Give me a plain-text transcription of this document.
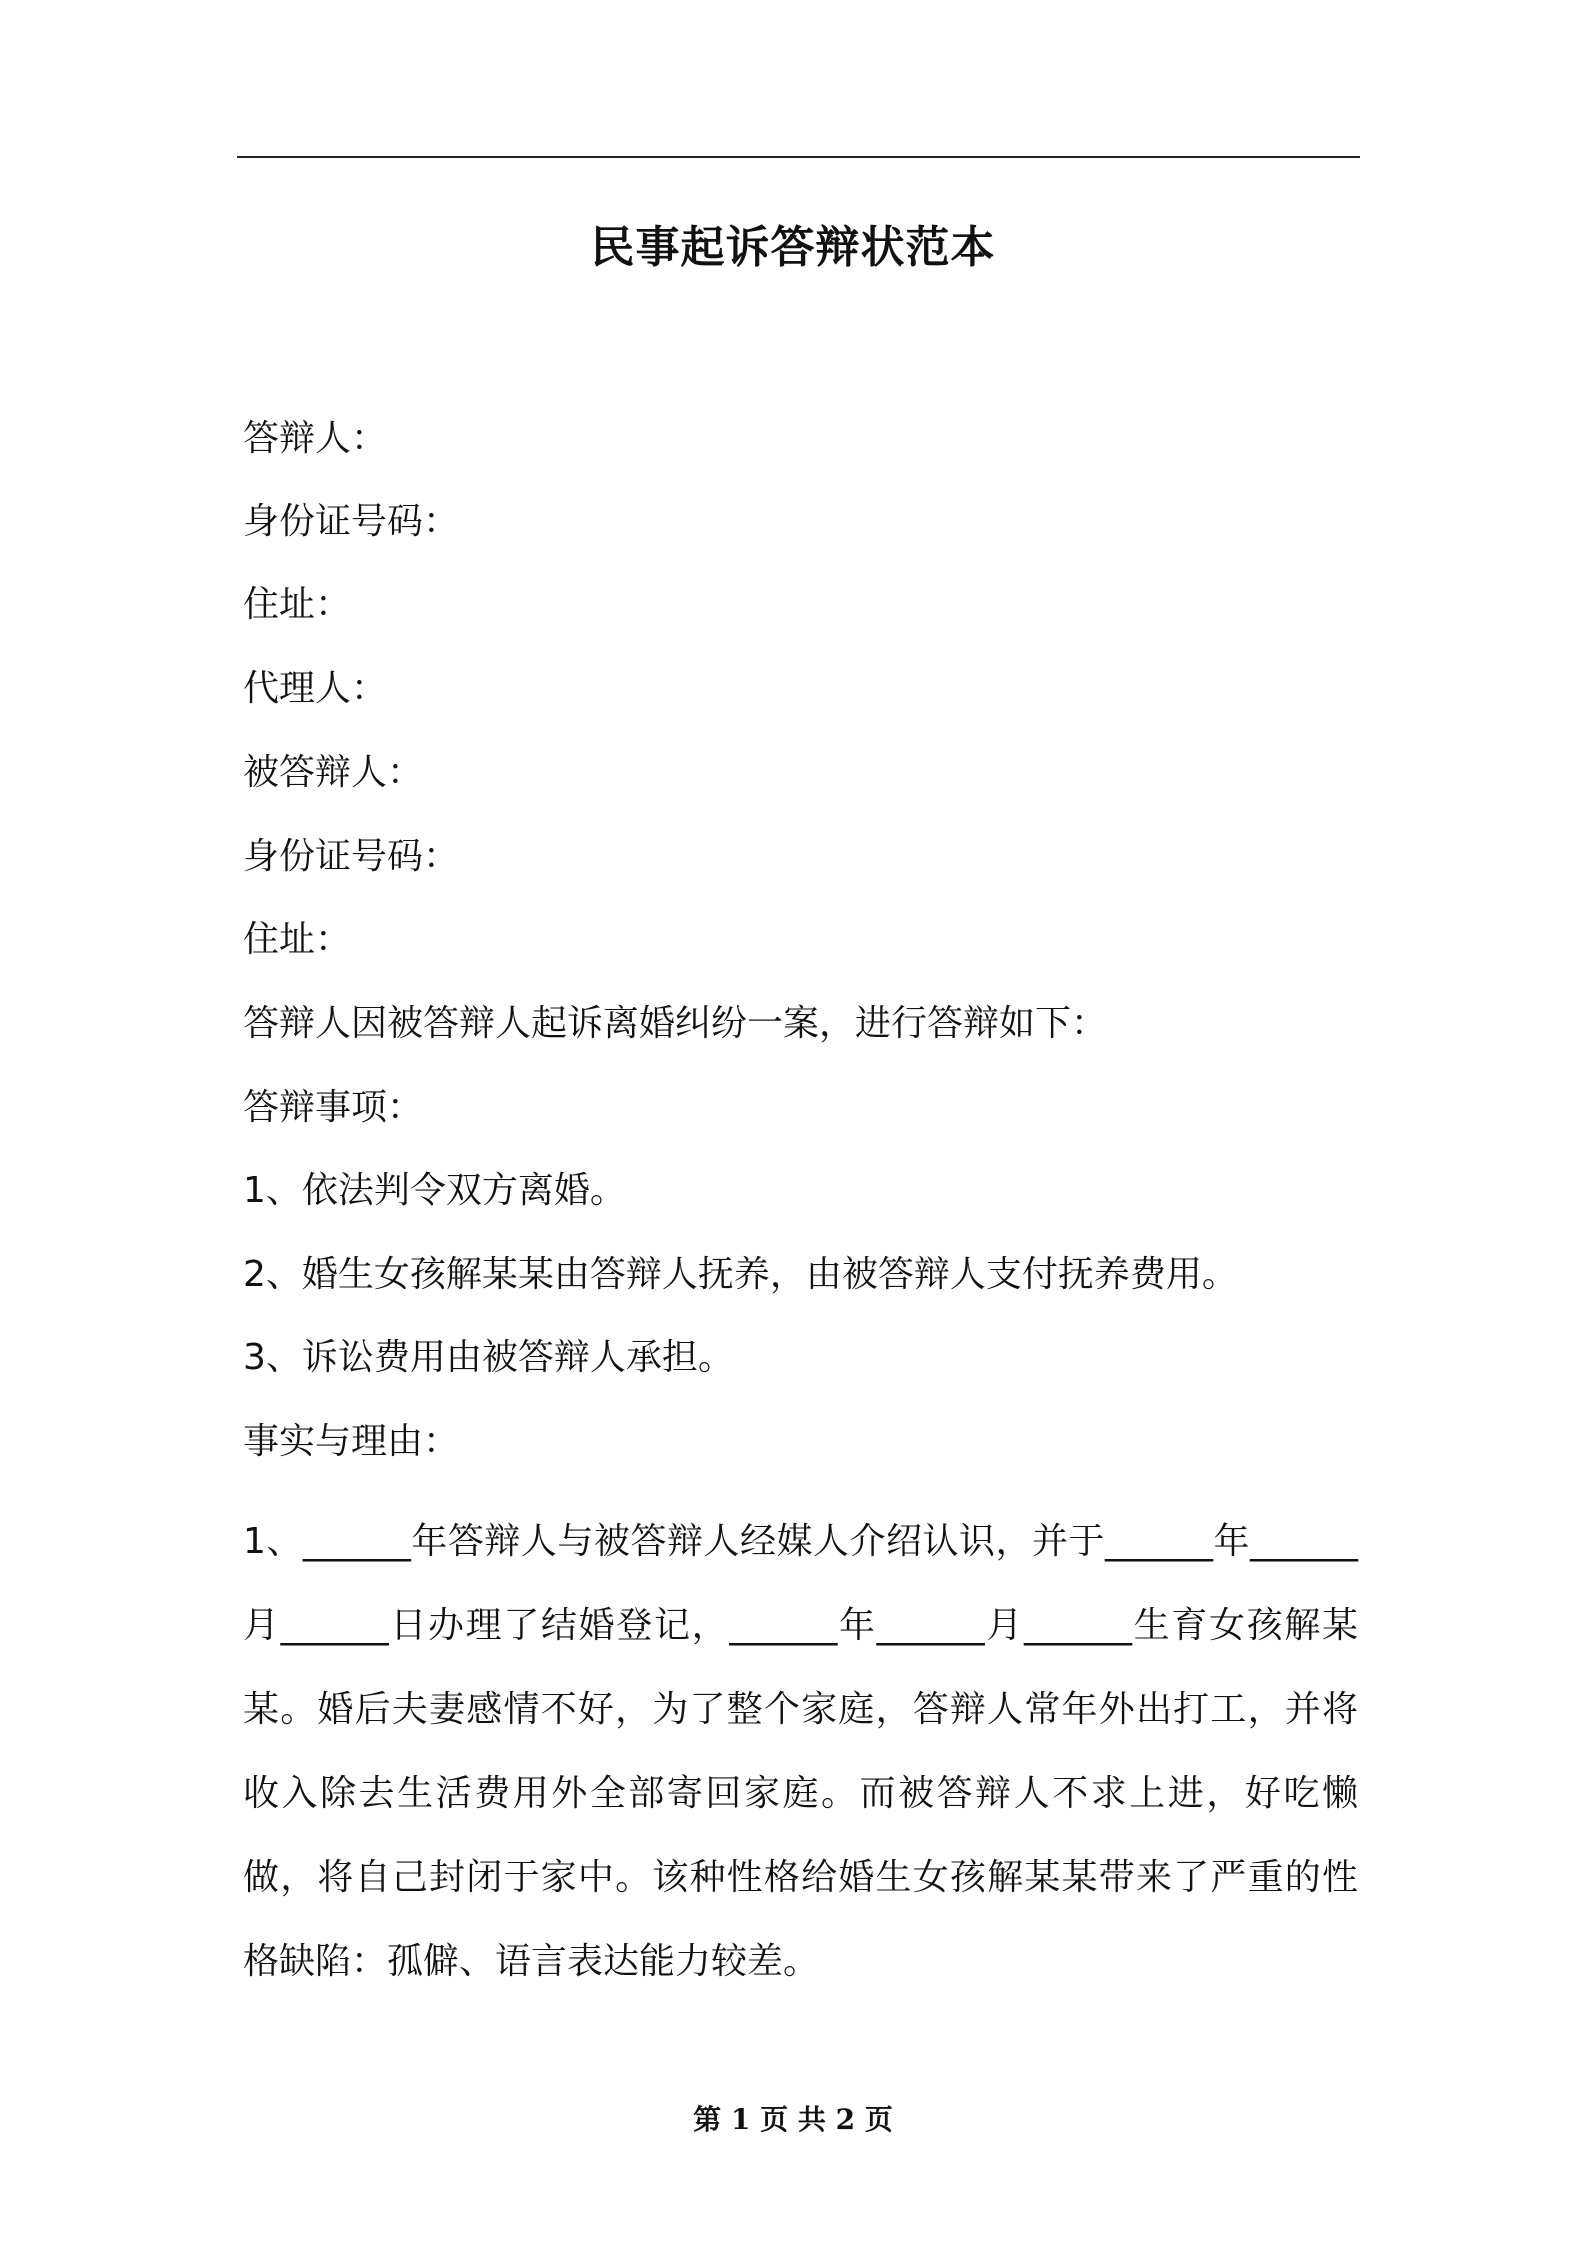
民事起诉答辩状范本
答辩人：
身份证号码：
住址：
代理人：
被答辩人：
身份证号码：
住址：
答辩人因被答辩人起诉离婚纠纷一案，进行答辩如下：
答辩事项：
1、依法判令双方离婚。
2、婚生女孩解某某由答辩人抚养，由被答辩人支付抚养费用。
3、诉讼费用由被答辩人承担。
事实与理由：
1、______年答辩人与被答辩人经媒人介绍认识，并于______年______月______日办理了结婚登记，______年______月______生育女孩解某某。婚后夫妻感情不好，为了整个家庭，答辩人常年外出打工，并将收入除去生活费用外全部寄回家庭。而被答辩人不求上进，好吃懒做，将自己封闭于家中。该种性格给婚生女孩解某某带来了严重的性格缺陷：孤僻、语言表达能力较差。
第 1 页 共 2 页
